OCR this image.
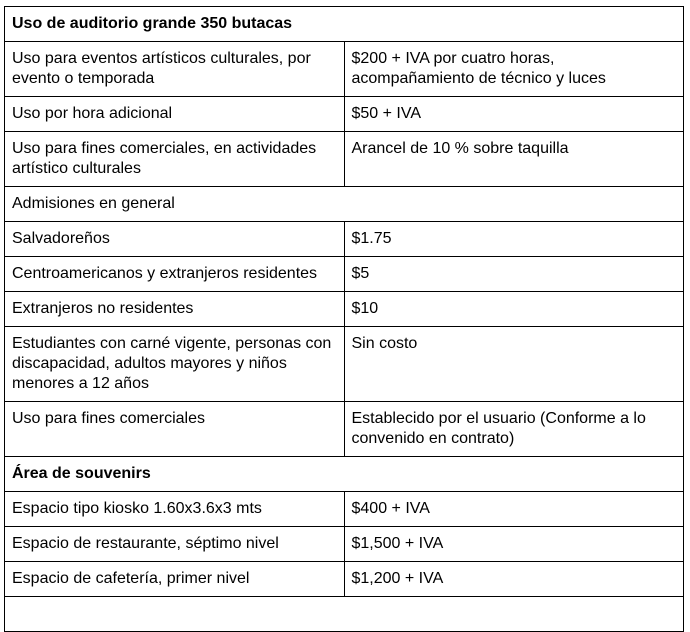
Uso de auditorio grande 350 butacas	
Uso para eventos artísticos culturales, por evento o temporada	$200 + IVA por cuatro horas, acompañamiento de técnico y luces
Uso por hora adicional	$50 + IVA
Uso para fines comerciales, en actividades artístico culturales	Arancel de 10 % sobre taquilla
Admisiones en general	
Salvadoreños	$1.75
Centroamericanos y extranjeros residentes	$5
Extranjeros no residentes	$10
Estudiantes con carné vigente, personas con discapacidad, adultos mayores y niños menores a 12 años	Sin costo
Uso para fines comerciales	Establecido por el usuario (Conforme a lo convenido en contrato)
Área de souvenirs	
Espacio tipo kiosko 1.60x3.6x3 mts	$400 + IVA
Espacio de restaurante, séptimo nivel	$1,500 + IVA
Espacio de cafetería, primer nivel	$1,200 + IVA
